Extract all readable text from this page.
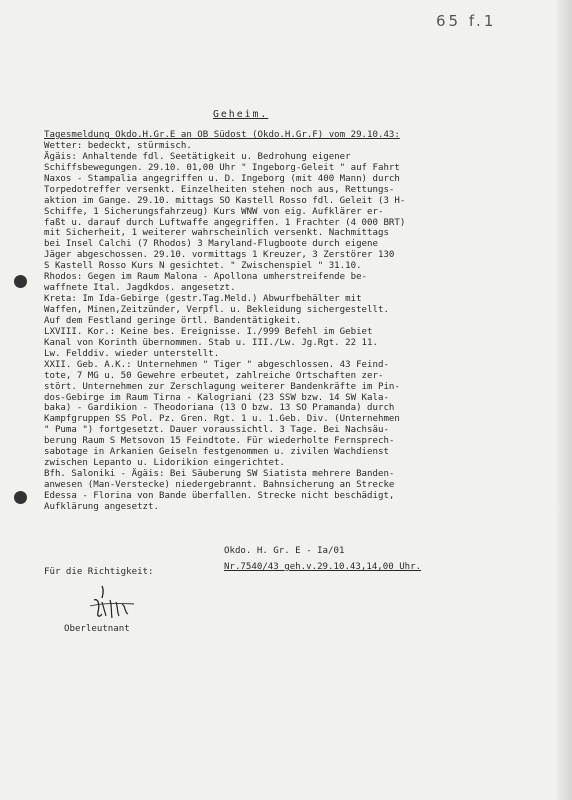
65 f.1
Geheim.
Tagesmeldung Okdo.H.Gr.E an OB Südost (Okdo.H.Gr.F) vom 29.10.43:
Wetter: bedeckt, stürmisch.
Ägäis: Anhaltende fdl. Seetätigkeit u. Bedrohung eigener
Schiffsbewegungen. 29.10. 01,00 Uhr " Ingeborg-Geleit " auf Fahrt
Naxos - Stampalia angegriffen u. D. Ingeborg (mit 400 Mann) durch
Torpedotreffer versenkt. Einzelheiten stehen noch aus, Rettungs-
aktion im Gange. 29.10. mittags SO Kastell Rosso fdl. Geleit (3 H-
Schiffe, 1 Sicherungsfahrzeug) Kurs WNW von eig. Aufklärer er-
faßt u. darauf durch Luftwaffe angegriffen. 1 Frachter (4 000 BRT)
mit Sicherheit, 1 weiterer wahrscheinlich versenkt. Nachmittags
bei Insel Calchi (7 Rhodos) 3 Maryland-Flugboote durch eigene
Jäger abgeschossen. 29.10. vormittags 1 Kreuzer, 3 Zerstörer 130
S Kastell Rosso Kurs N gesichtet. " Zwischenspiel " 31.10.
Rhodos: Gegen im Raum Malona - Apollona umherstreifende be-
waffnete Ital. Jagdkdos. angesetzt.
Kreta: Im Ida-Gebirge (gestr.Tag.Meld.) Abwurfbehälter mit
Waffen, Minen,Zeitzünder, Verpfl. u. Bekleidung sichergestellt.
Auf dem Festland geringe örtl. Bandentätigkeit.
LXVIII. Kor.: Keine bes. Ereignisse. I./999 Befehl im Gebiet
Kanal von Korinth übernommen. Stab u. III./Lw. Jg.Rgt. 22 11.
Lw. Felddiv. wieder unterstellt.
XXII. Geb. A.K.: Unternehmen " Tiger " abgeschlossen. 43 Feind-
tote, 7 MG u. 50 Gewehre erbeutet, zahlreiche Ortschaften zer-
stört. Unternehmen zur Zerschlagung weiterer Bandenkräfte im Pin-
dos-Gebirge im Raum Tirna - Kalogriani (23 SSW bzw. 14 SW Kala-
baka) - Gardikion - Theodoriana (13 O bzw. 13 SO Pramanda) durch
Kampfgruppen SS Pol. Pz. Gren. Rgt. 1 u. 1.Geb. Div. (Unternehmen
" Puma ") fortgesetzt. Dauer voraussichtl. 3 Tage. Bei Nachsäu-
berung Raum S Metsovon 15 Feindtote. Für wiederholte Fernsprech-
sabotage in Arkanien Geiseln festgenommen u. zivilen Wachdienst
zwischen Lepanto u. Lidorikion eingerichtet.
Bfh. Saloniki - Ägäis: Bei Säuberung SW Siatista mehrere Banden-
anwesen (Man-Verstecke) niedergebrannt. Bahnsicherung an Strecke
Edessa - Florina von Bande überfallen. Strecke nicht beschädigt,
Aufklärung angesetzt.
Okdo. H. Gr. E - Ia/01
Nr.7540/43 geh.v.29.10.43,14,00 Uhr.
Für die Richtigkeit:
Oberleutnant
